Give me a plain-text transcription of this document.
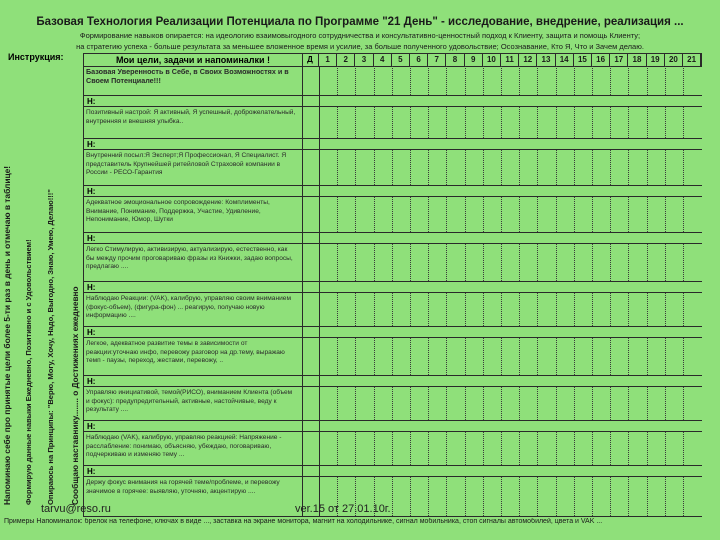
Базовая Технология Реализации Потенциала по Программе "21 День" - исследование, внедрение, реализация ...
Формирование навыков опирается: на идеологию взаимовыгодного сотрудничества и консультативно-ценностный подход к Клиенту, защита и помощь Клиенту;
на стратегию успеха - больше результата за меньшее вложенное время и усилие, за больше полученного удовольствие; Осознавание, Кто Я, Что и Зачем делаю.
Инструкция:
Напоминаю себе про принятые цели более 5-ти раз в день и отмечаю в таблице! Формирую данные навыки Ежедневно, Позитивно и с Удовольствием! Опираюсь на Принципы: "Верю, Могу, Хочу, Надо, Выгодно, Знаю, Умею, Делаю!!!" Сообщаю наставнику........ о Достижениях ежедневно
Мои цели, задачи и напоминалки !	Д	1	2	3	4	5	6	7	8	9	10	11	12	13	14	15	16	17	18	19	20	21
Базовая Уверенность в Себе, в Своих Возможностях и в Своем Потенциале!!!
Н:
Позитивный настрой: Я активный, Я успешный, доброжелательный, внутренняя и внешняя улыбка..
Н:
Внутренний посыл:Я Эксперт;Я Профессионал, Я Специалист. Я представитель Крупнейшей ритейловой Страховой компании в России - РЕСО-Гарантия
Н:
Адекватное эмоциональное сопровождение: Комплименты, Внимание, Понимание, Поддержка, Участие, Удивление, Непонимание, Юмор, Шутки
Н:
Легко Стимулирую, активизирую, актуализирую, естественно, как бы между прочим проговариваю фразы из Книжки, задаю вопросы, предлагаю ....
Н:
Наблюдаю Реакции: (VAK), калибрую, управляю своим вниманием (фокус-объем), (фигура-фон) ... реагирую, получаю новую информацию ....
Н:
Легкое, адекватное развитие темы в зависимости от реакции:уточнаю инфо, перевожу разговор на др.тему, выражаю темп - паузы, переход, жестами, перевожу, ..
Н:
Управляю инициативой, темой(РИСО), вниманием Клиента (объем и фокус): предупредительный, активные, настойчивые, веду к результату ....
Н:
Наблюдаю (VAK), калибрую, управляю реакцией: Напряжение - расслабление: понимаю, объясняю, убеждаю, поговариваю, подчеркиваю и изменяю тему ...
Н:
Держу фокус внимания на горячей теме/проблеме, и перевожу значимое в горячее: выявляю, уточняю, акцентирую ....
tarvu@reso.ru	ver.15 от 27.01.10г.
Примеры Напоминалок: брелок на телефоне, ключах в виде ..., заставка на экране монитора, магнит на холодильнике, сигнал мобильника, стоп сигналы автомобилей, цвета и VAK ...
